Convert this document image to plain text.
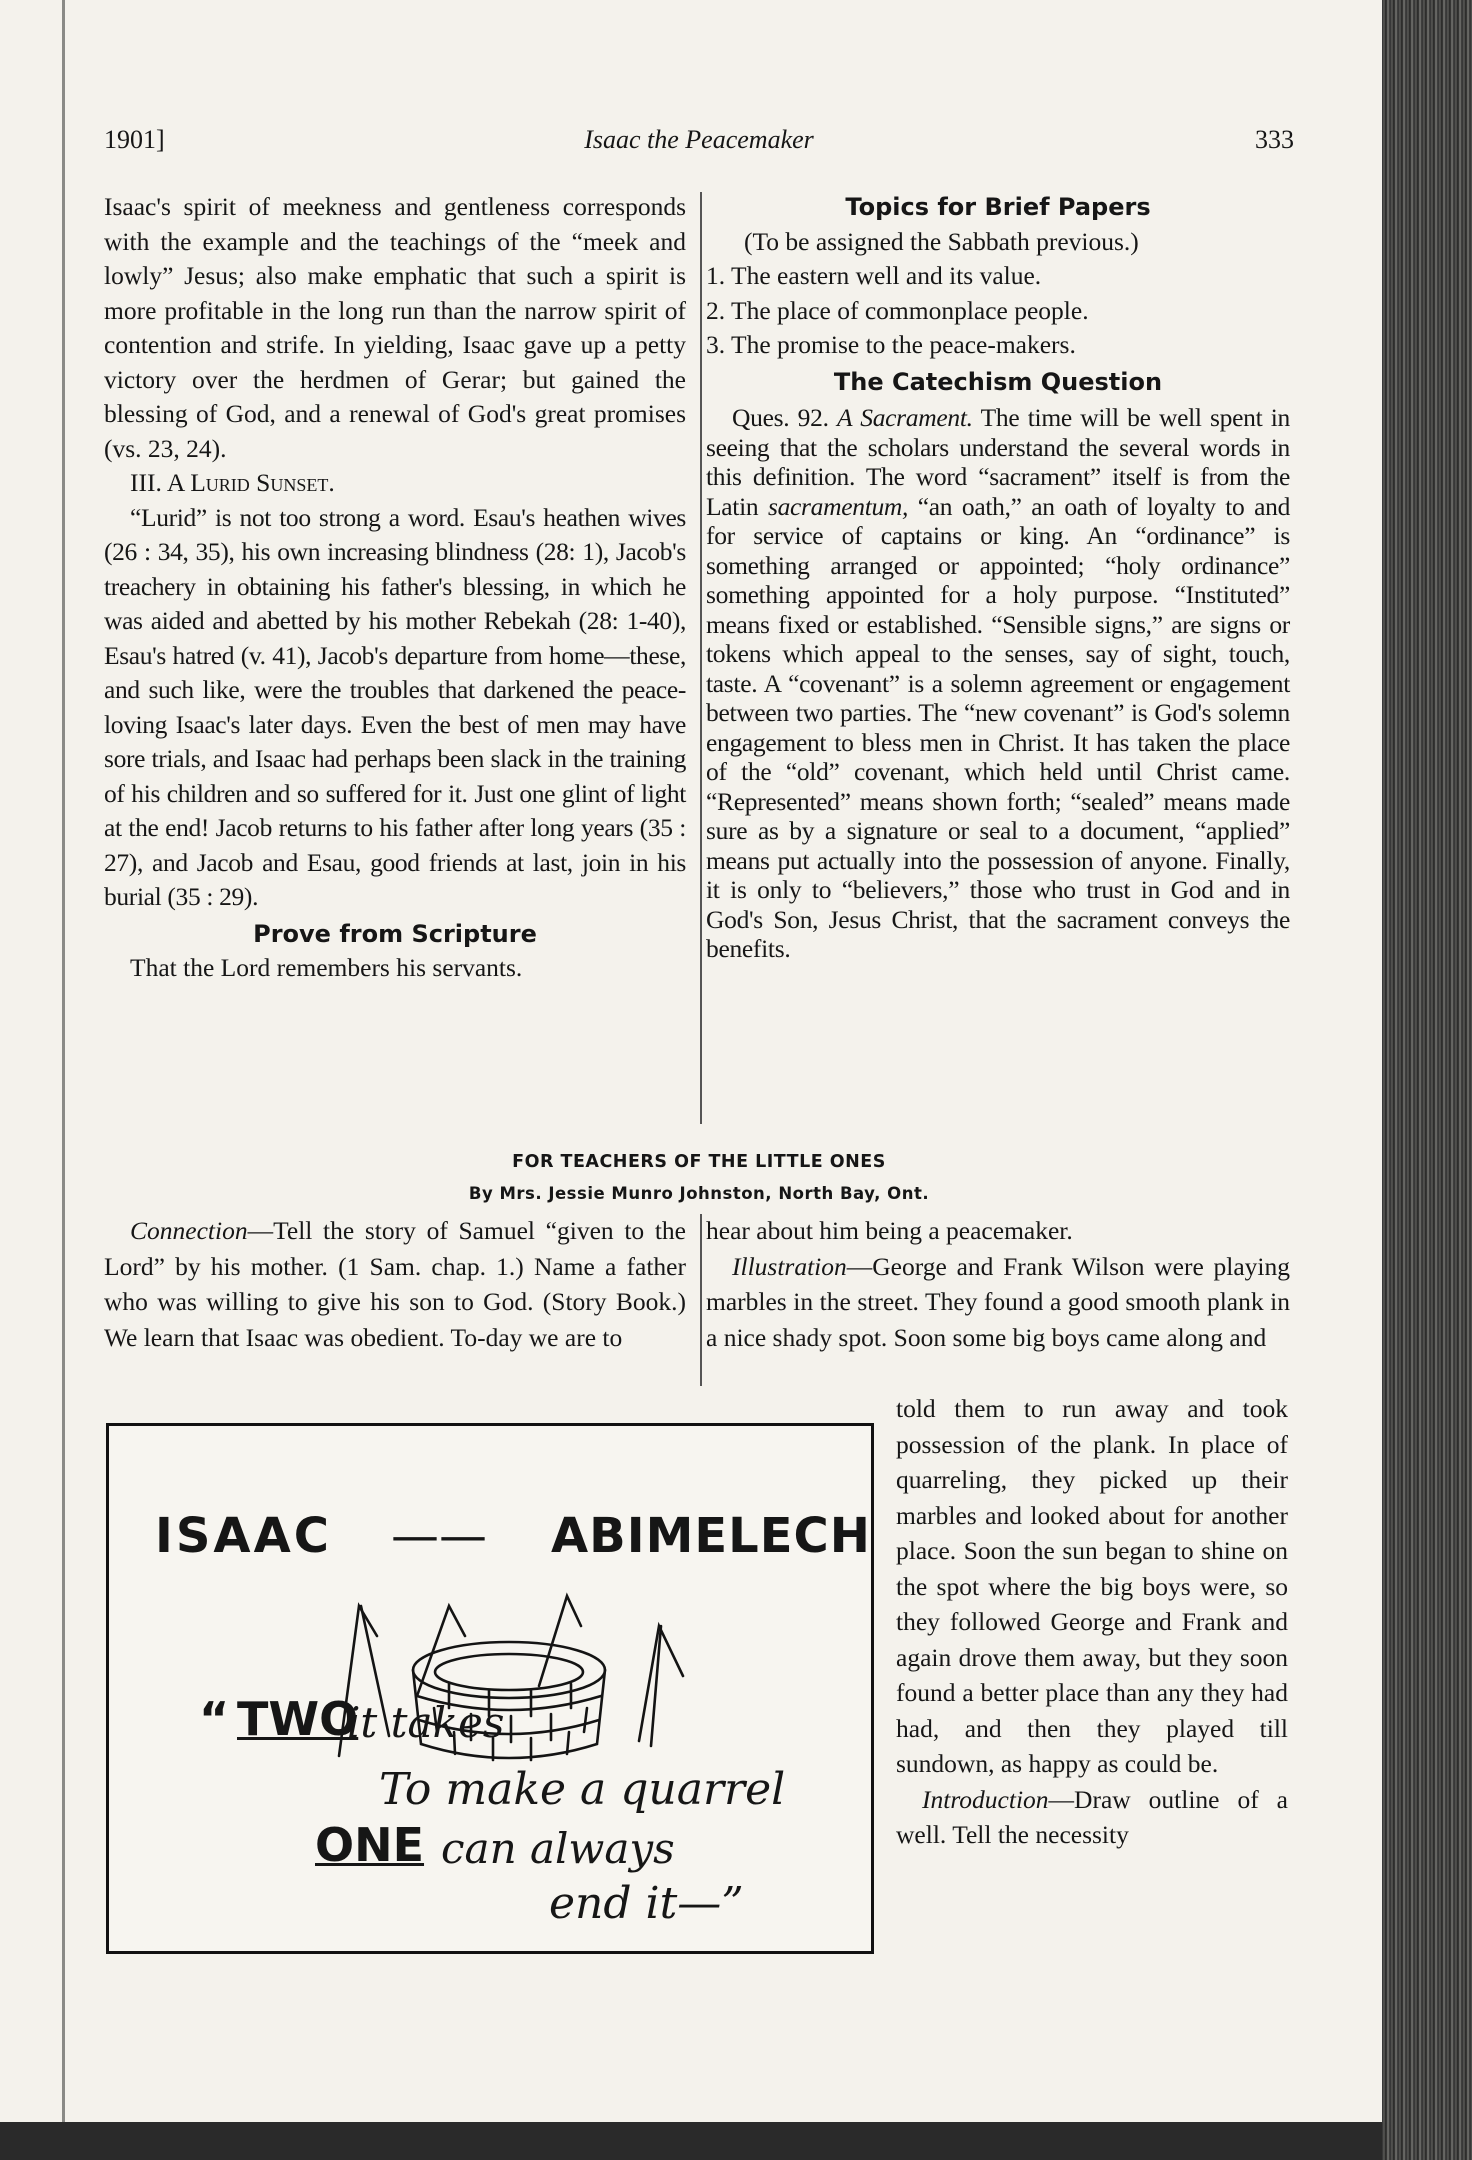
1901]	Isaac the Peacemaker	333

Isaac's spirit of meekness and gentleness corresponds with the example and the teachings of the “meek and lowly” Jesus; also make emphatic that such a spirit is more profitable in the long run than the narrow spirit of contention and strife. In yielding, Isaac gave up a petty victory over the herdmen of Gerar; but gained the blessing of God, and a renewal of God's great promises (vs. 23, 24).

III. A Lurid Sunset.

“Lurid” is not too strong a word. Esau's heathen wives (26 : 34, 35), his own increasing blindness (28: 1), Jacob's treachery in obtaining his father's blessing, in which he was aided and abetted by his mother Rebekah (28: 1-40), Esau's hatred (v. 41), Jacob's departure from home—these, and such like, were the troubles that darkened the peace-loving Isaac's later days. Even the best of men may have sore trials, and Isaac had perhaps been slack in the training of his children and so suffered for it. Just one glint of light at the end! Jacob returns to his father after long years (35 : 27), and Jacob and Esau, good friends at last, join in his burial (35 : 29).

Prove from Scripture

That the Lord remembers his servants.

Topics for Brief Papers

(To be assigned the Sabbath previous.)

1. The eastern well and its value.

2. The place of commonplace people.

3. The promise to the peace-makers.

The Catechism Question

Ques. 92. A Sacrament. The time will be well spent in seeing that the scholars understand the several words in this definition. The word “sacrament” itself is from the Latin sacramentum, “an oath,” an oath of loyalty to and for service of captains or king. An “ordinance” is something arranged or appointed; “holy ordinance” something appointed for a holy purpose. “Instituted” means fixed or established. “Sensible signs,” are signs or tokens which appeal to the senses, say of sight, touch, taste. A “covenant” is a solemn agreement or engagement between two parties. The “new covenant” is God's solemn engagement to bless men in Christ. It has taken the place of the “old” covenant, which held until Christ came. “Represented” means shown forth; “sealed” means made sure as by a signature or seal to a document, “applied” means put actually into the possession of anyone. Finally, it is only to “believers,” those who trust in God and in God's Son, Jesus Christ, that the sacrament conveys the benefits.

FOR TEACHERS OF THE LITTLE ONES
By Mrs. Jessie Munro Johnston, North Bay, Ont.

Connection—Tell the story of Samuel “given to the Lord” by his mother. (1 Sam. chap. 1.) Name a father who was willing to give his son to God. (Story Book.) We learn that Isaac was obedient. To-day we are to

hear about him being a peacemaker.

Illustration—George and Frank Wilson were playing marbles in the street. They found a good smooth plank in a nice shady spot. Soon some big boys came along and

told them to run away and took possession of the plank. In place of quarreling, they picked up their marbles and looked about for another place. Soon the sun began to shine on the spot where the big boys were, so they followed George and Frank and again drove them away, but they soon found a better place than any they had had, and then they played till sundown, as happy as could be.

Introduction—Draw outline of a well. Tell the necessity

ISAAC —— ABIMELECH
“ TWO
it takes
To make a quarrel
ONE can always
end it—”
